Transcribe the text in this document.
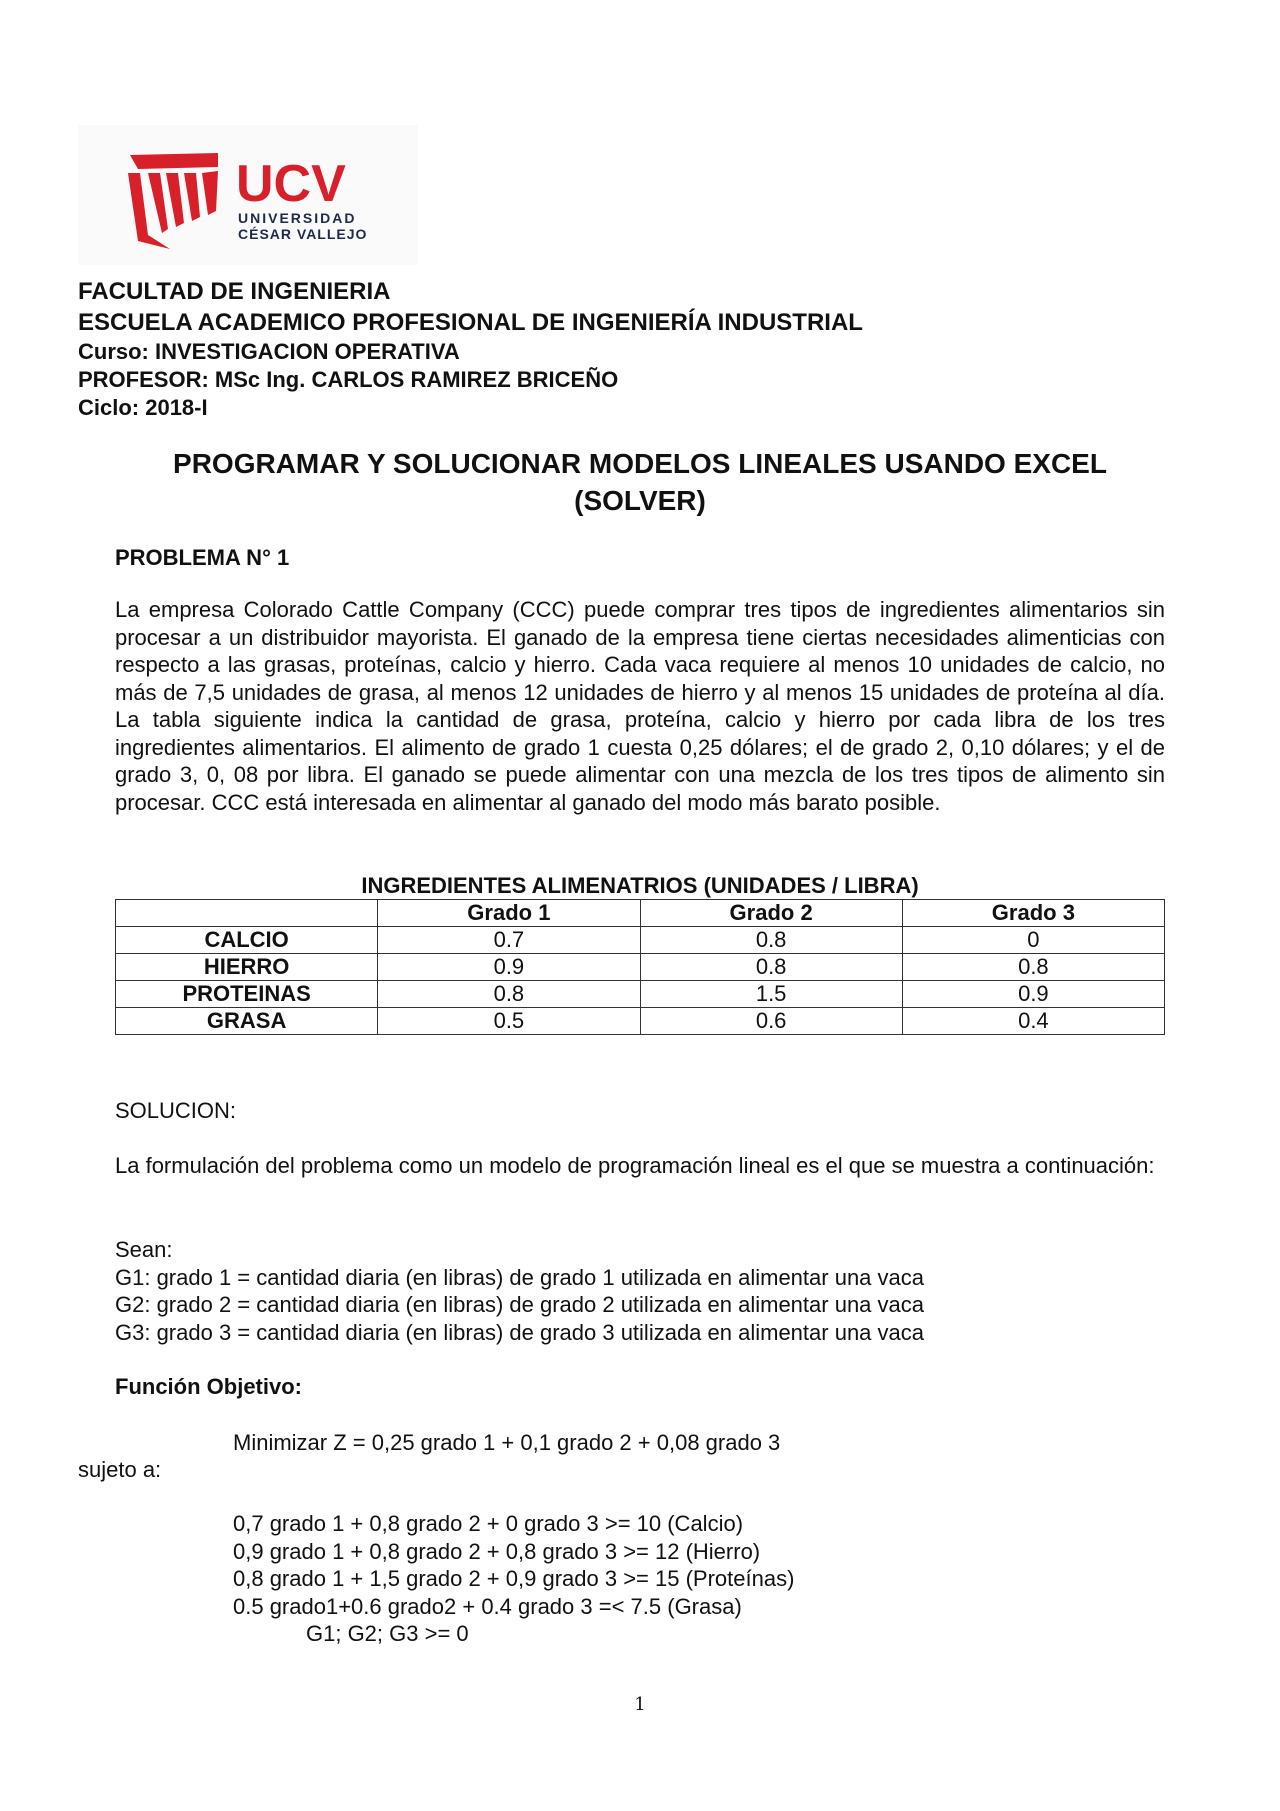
UCV
UNIVERSIDAD
CÉSAR VALLEJO
FACULTAD DE INGENIERIA
ESCUELA ACADEMICO PROFESIONAL DE INGENIERÍA INDUSTRIAL
Curso: INVESTIGACION OPERATIVA
PROFESOR: MSc Ing. CARLOS RAMIREZ BRICEÑO
Ciclo: 2018-I
PROGRAMAR Y SOLUCIONAR MODELOS LINEALES USANDO EXCEL
(SOLVER)
PROBLEMA N° 1
La empresa Colorado Cattle Company (CCC) puede comprar tres tipos de ingredientes alimentarios sin procesar a un distribuidor mayorista. El ganado de la empresa tiene ciertas necesidades alimenticias con respecto a las grasas, proteínas, calcio y hierro. Cada vaca requiere al menos 10 unidades de calcio, no más de 7,5 unidades de grasa, al menos 12 unidades de hierro y al menos 15 unidades de proteína al día. La tabla siguiente indica la cantidad de grasa, proteína, calcio y hierro por cada libra de los tres ingredientes alimentarios. El alimento de grado 1 cuesta 0,25 dólares; el de grado 2, 0,10 dólares; y el de grado 3, 0, 08 por libra. El ganado se puede alimentar con una mezcla de los tres tipos de alimento sin procesar. CCC está interesada en alimentar al ganado del modo más barato posible.
INGREDIENTES ALIMENATRIOS (UNIDADES / LIBRA)
	Grado 1	Grado 2	Grado 3
CALCIO	0.7	0.8	0
HIERRO	0.9	0.8	0.8
PROTEINAS	0.8	1.5	0.9
GRASA	0.5	0.6	0.4
SOLUCION:
La formulación del problema como un modelo de programación lineal es el que se muestra a continuación:
Sean:
G1: grado 1 = cantidad diaria (en libras) de grado 1 utilizada en alimentar una vaca
G2: grado 2 = cantidad diaria (en libras) de grado 2 utilizada en alimentar una vaca
G3: grado 3 = cantidad diaria (en libras) de grado 3 utilizada en alimentar una vaca
Función Objetivo:
Minimizar Z = 0,25 grado 1 + 0,1 grado 2 + 0,08 grado 3
sujeto a:
0,7 grado 1 + 0,8 grado 2 + 0 grado 3 >= 10 (Calcio)
0,9 grado 1 + 0,8 grado 2 + 0,8 grado 3 >= 12 (Hierro)
0,8 grado 1 + 1,5 grado 2 + 0,9 grado 3 >= 15 (Proteínas)
0.5 grado1+0.6 grado2 + 0.4 grado 3 =< 7.5 (Grasa)
G1; G2; G3 >= 0
1
